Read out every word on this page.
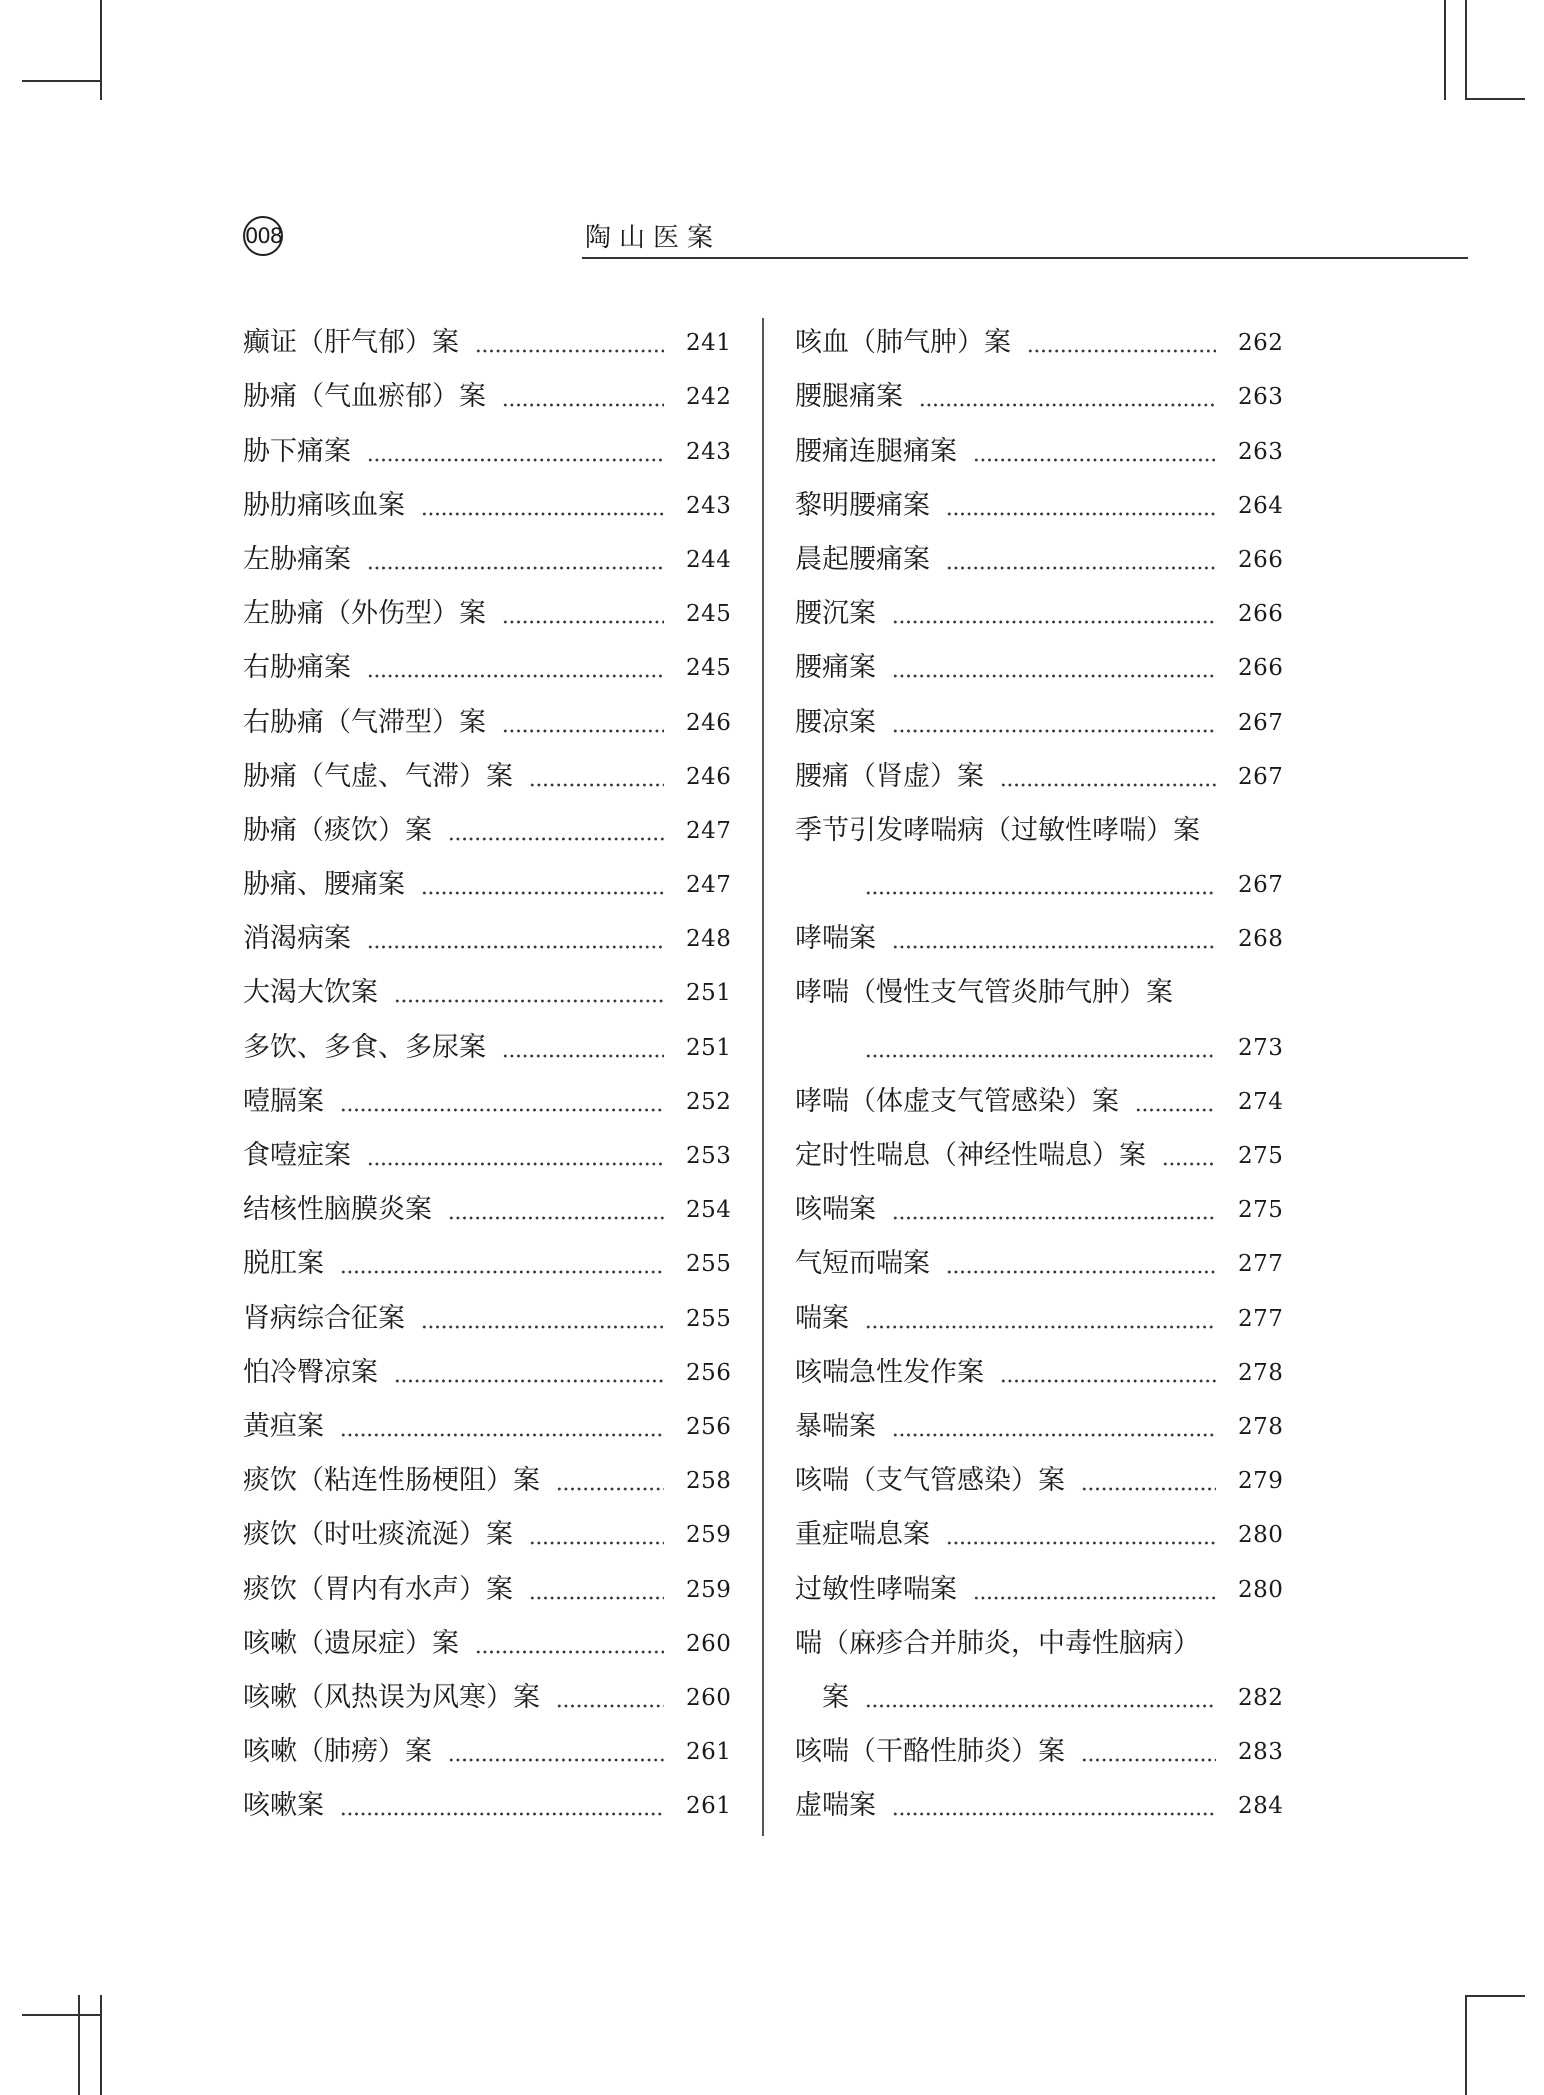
008	陶山医案
癫证（肝气郁）案	241
胁痛（气血瘀郁）案	242
胁下痛案	243
胁肋痛咳血案	243
左胁痛案	244
左胁痛（外伤型）案	245
右胁痛案	245
右胁痛（气滞型）案	246
胁痛（气虚、气滞）案	246
胁痛（痰饮）案	247
胁痛、腰痛案	247
消渴病案	248
大渴大饮案	251
多饮、多食、多尿案	251
噎膈案	252
食噎症案	253
结核性脑膜炎案	254
脱肛案	255
肾病综合征案	255
怕冷臀凉案	256
黄疸案	256
痰饮（粘连性肠梗阻）案	258
痰饮（时吐痰流涎）案	259
痰饮（胃内有水声）案	259
咳嗽（遗尿症）案	260
咳嗽（风热误为风寒）案	260
咳嗽（肺痨）案	261
咳嗽案	261
咳血（肺气肿）案	262
腰腿痛案	263
腰痛连腿痛案	263
黎明腰痛案	264
晨起腰痛案	266
腰沉案	266
腰痛案	266
腰凉案	267
腰痛（肾虚）案	267
季节引发哮喘病（过敏性哮喘）案
267
哮喘案	268
哮喘（慢性支气管炎肺气肿）案
273
哮喘（体虚支气管感染）案	274
定时性喘息（神经性喘息）案	275
咳喘案	275
气短而喘案	277
喘案	277
咳喘急性发作案	278
暴喘案	278
咳喘（支气管感染）案	279
重症喘息案	280
过敏性哮喘案	280
喘（麻疹合并肺炎，中毒性脑病）
案	282
咳喘（干酪性肺炎）案	283
虚喘案	284
